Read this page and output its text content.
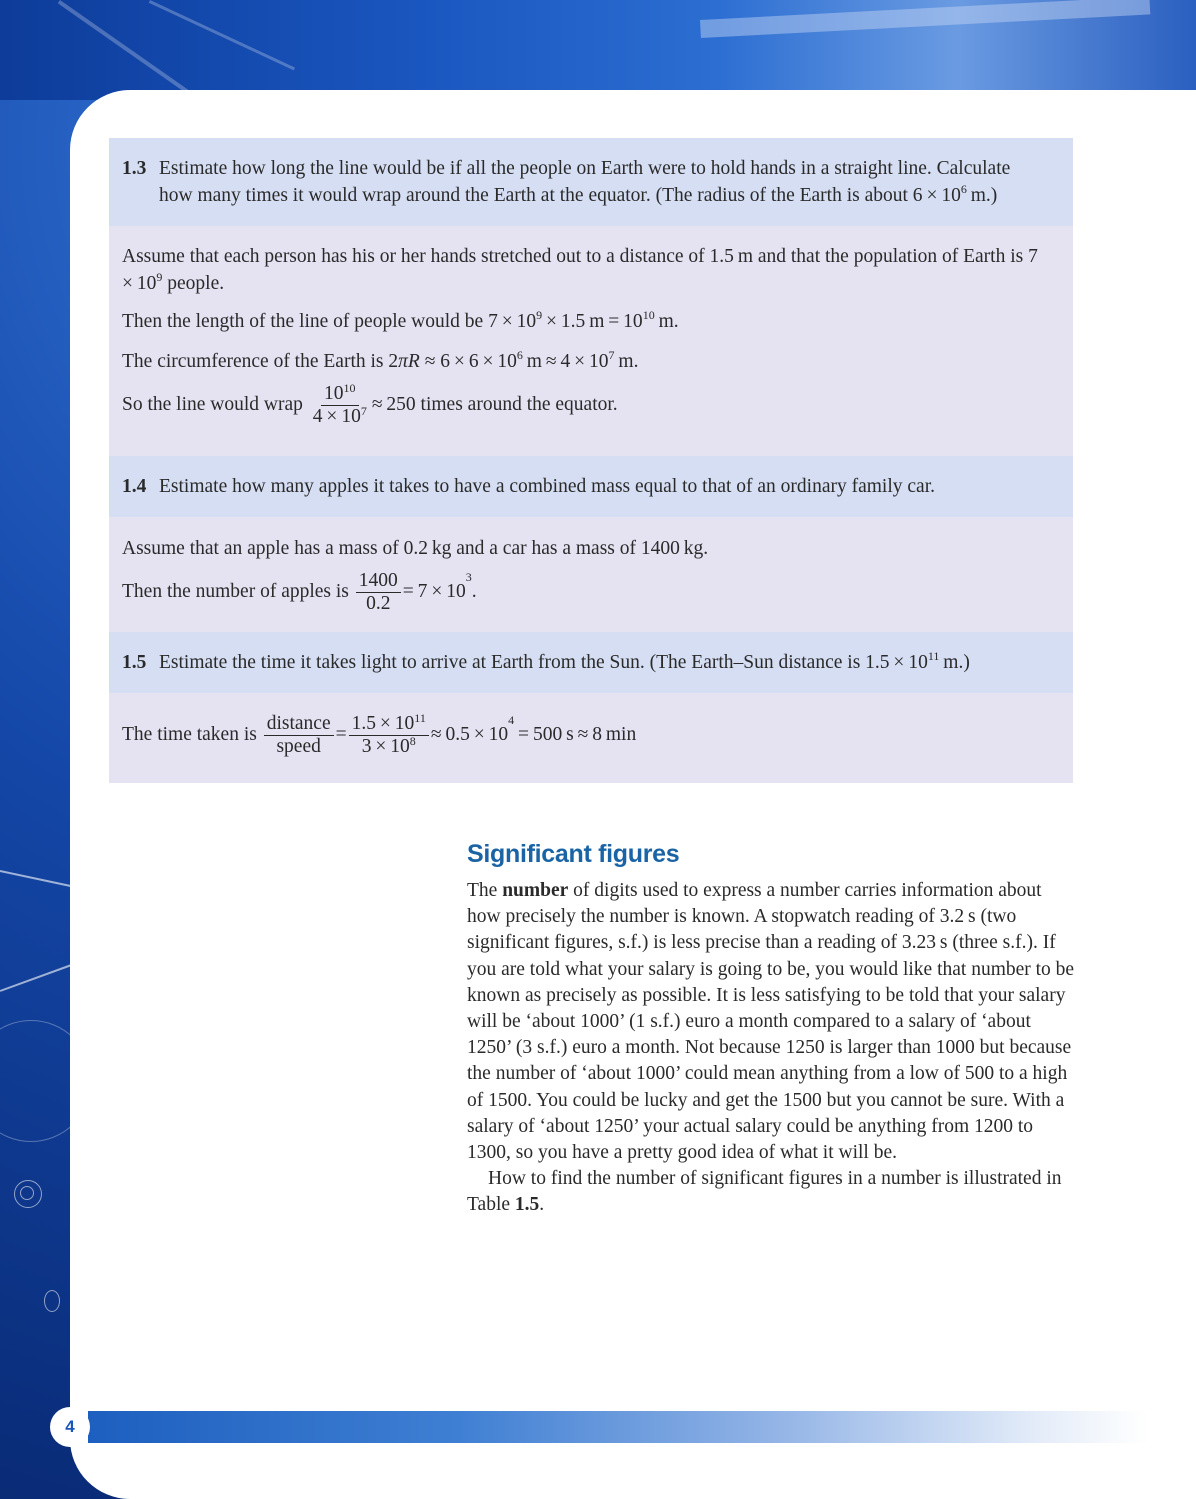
1.3 Estimate how long the line would be if all the people on Earth were to hold hands in a straight line. Calculate
how many times it would wrap around the Earth at the equator. (The radius of the Earth is about $6 \times 10^6$ m.)

Assume that each person has his or her hands stretched out to a distance of 1.5 m and that the population of Earth is $7 \times 10^9$ people.

Then the length of the line of people would be $7 \times 10^9 \times 1.5$ $m = 10^{10}$ m.

The circumference of the Earth is $2\pi R \approx 6 \times 6 \times 10^6$ $m \approx 4 \times 10^7$ m.

So the line would wrap $\frac{10^{10}}{4 \times 10^7} \approx 250$ times around the equator.

1.4 Estimate how many apples it takes to have a combined mass equal to that of an ordinary family car.

Assume that an apple has a mass of 0.2 kg and a car has a mass of 1400 kg.

Then the number of apples is $\frac{1400}{0.2} = 7 \times 10^3$.

1.5 Estimate the time it takes light to arrive at Earth from the Sun. (The Earth–Sun distance is $1.5 \times 10^{11}$ m.)

The time taken is $\frac{\text{distance}}{\text{speed}} = \frac{1.5 \times 10^{11}}{3 \times 10^8} \approx 0.5 \times 10^4 = 500$ s ≈ 8 min

Significant figures

The number of digits used to express a number carries information about how precisely the number is known. A stopwatch reading of 3.2 s (two significant figures, s.f.) is less precise than a reading of 3.23 s (three s.f.). If you are told what your salary is going to be, you would like that number to be known as precisely as possible. It is less satisfying to be told that your salary will be ‘about 1000’ (1 s.f.) euro a month compared to a salary of ‘about 1250’ (3 s.f.) euro a month. Not because 1250 is larger than 1000 but because the number of ‘about 1000’ could mean anything from a low of 500 to a high of 1500. You could be lucky and get the 1500 but you cannot be sure. With a salary of ‘about 1250’ your actual salary could be anything from 1200 to 1300, so you have a pretty good idea of what it will be.

How to find the number of significant figures in a number is illustrated in Table 1.5.

4
